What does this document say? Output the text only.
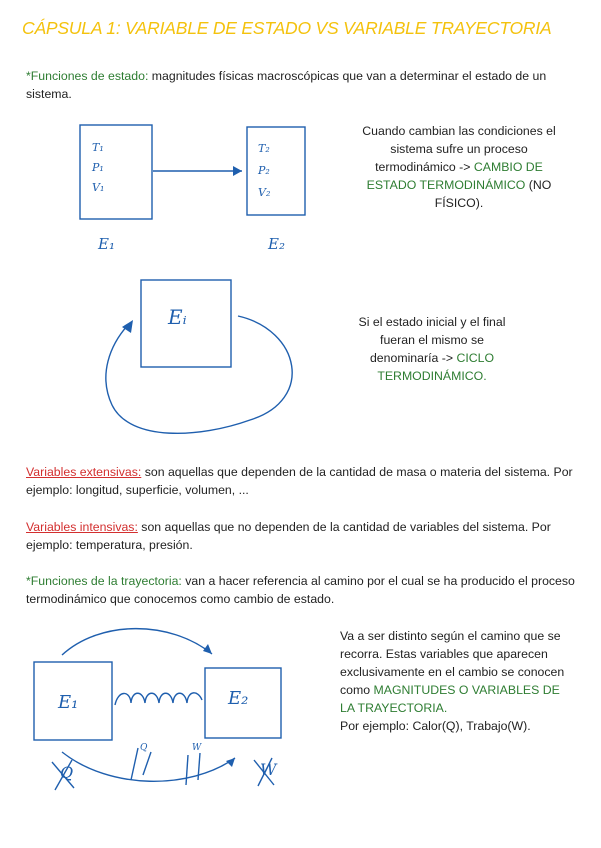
CÁPSULA 1: VARIABLE DE ESTADO VS VARIABLE TRAYECTORIA
*Funciones de estado: magnitudes físicas macroscópicas que van a determinar el estado de un sistema.
T₁
P₁
V₁
T₂
P₂
V₂
E₁	E₂
Cuando cambian las condiciones el sistema sufre un proceso termodinámico -> CAMBIO DE ESTADO TERMODINÁMICO (NO FÍSICO).
Eᵢ	Si el estado inicial y el final fueran el mismo se denominaría -> CICLO TERMODINÁMICO.
Variables extensivas: son aquellas que dependen de la cantidad de masa o materia del sistema. Por ejemplo: longitud, superficie, volumen, ...
Variables intensivas: son aquellas que no dependen de la cantidad de variables del sistema. Por ejemplo: temperatura, presión.
*Funciones de la trayectoria: van a hacer referencia al camino por el cual se ha producido el proceso termodinámico que conocemos como cambio de estado.
Q	W
Q	W
E₁	E₂
Va a ser distinto según el camino que se recorra. Estas variables que aparecen exclusivamente en el cambio se conocen como MAGNITUDES O VARIABLES DE LA TRAYECTORIA.
Por ejemplo: Calor(Q), Trabajo(W).
